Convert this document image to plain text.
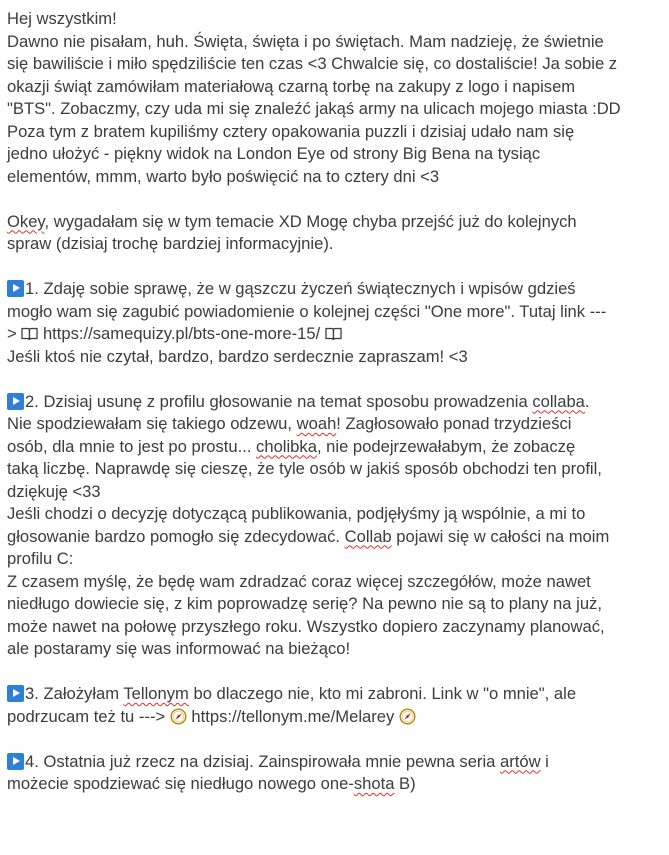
Hej wszystkim!
Dawno nie pisałam, huh. Święta, święta i po świętach. Mam nadzieję, że świetnie
się bawiliście i miło spędziliście ten czas <3 Chwalcie się, co dostaliście! Ja sobie z
okazji świąt zamówiłam materiałową czarną torbę na zakupy z logo i napisem
"BTS". Zobaczmy, czy uda mi się znaleźć jakąś army na ulicach mojego miasta :DD
Poza tym z bratem kupiliśmy cztery opakowania puzzli i dzisiaj udało nam się
jedno ułożyć - piękny widok na London Eye od strony Big Bena na tysiąc
elementów, mmm, warto było poświęcić na to cztery dni <3
Okey, wygadałam się w tym temacie XD Mogę chyba przejść już do kolejnych
spraw (dzisiaj trochę bardziej informacyjnie).
1. Zdaję sobie sprawę, że w gąszczu życzeń świątecznych i wpisów gdzieś
mogło wam się zagubić powiadomienie o kolejnej części "One more". Tutaj link ---
>  https://samequizy.pl/bts-one-more-15/
Jeśli ktoś nie czytał, bardzo, bardzo serdecznie zapraszam! <3
2. Dzisiaj usunę z profilu głosowanie na temat sposobu prowadzenia collaba.
Nie spodziewałam się takiego odzewu, woah! Zagłosowało ponad trzydzieści
osób, dla mnie to jest po prostu... cholibka, nie podejrzewałabym, że zobaczę
taką liczbę. Naprawdę się cieszę, że tyle osób w jakiś sposób obchodzi ten profil,
dziękuję <33
Jeśli chodzi o decyzję dotyczącą publikowania, podjęłyśmy ją wspólnie, a mi to
głosowanie bardzo pomogło się zdecydować. Collab pojawi się w całości na moim
profilu C:
Z czasem myślę, że będę wam zdradzać coraz więcej szczegółów, może nawet
niedługo dowiecie się, z kim poprowadzę serię? Na pewno nie są to plany na już,
może nawet na połowę przyszłego roku. Wszystko dopiero zaczynamy planować,
ale postaramy się was informować na bieżąco!
3. Założyłam Tellonym bo dlaczego nie, kto mi zabroni. Link w "o mnie", ale
podrzucam też tu --->  https://tellonym.me/Melarey
4. Ostatnia już rzecz na dzisiaj. Zainspirowała mnie pewna seria artów i
możecie spodziewać się niedługo nowego one-shota B)
